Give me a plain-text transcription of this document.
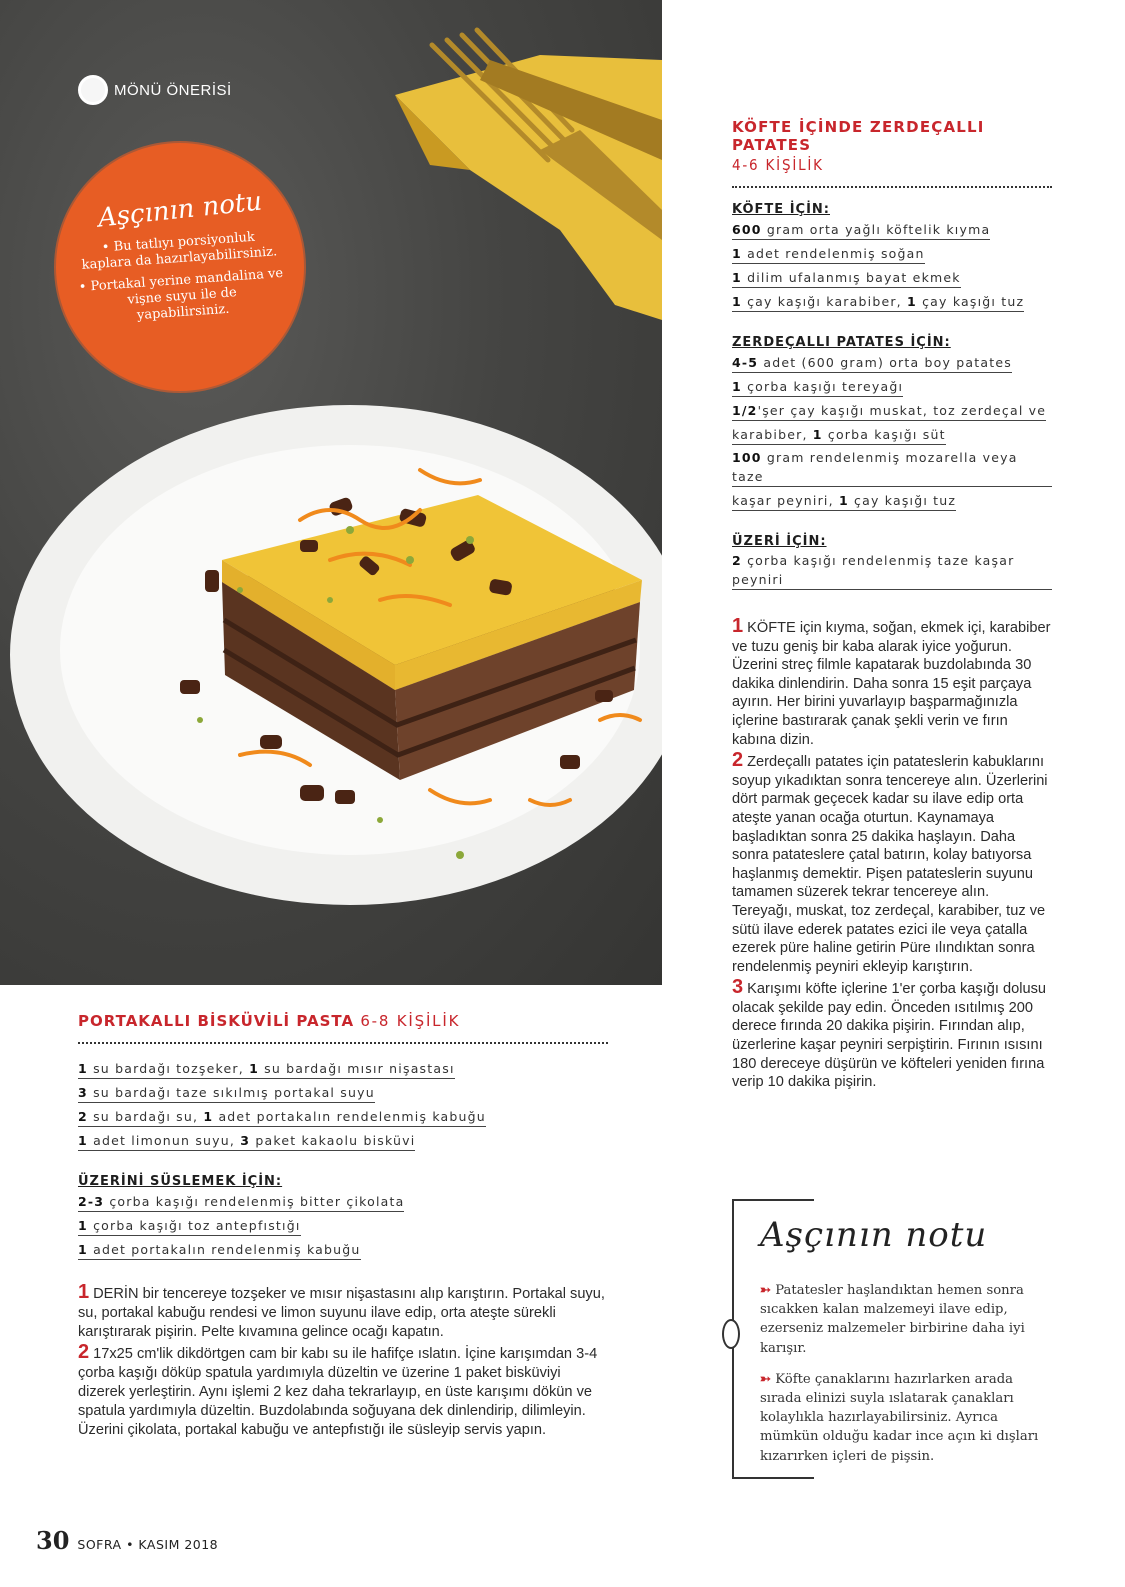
MÖNÜ ÖNERİSİ
Aşçının notu

• Bu tatlıyı porsiyonluk kaplara da hazırlayabilirsiniz.

• Portakal yerine mandalina ve vişne suyu ile de yapabilirsiniz.

KÖFTE İÇİNDE ZERDEÇALLI PATATES
4-6 KİŞİLİK
KÖFTE İÇİN:
600 gram orta yağlı köftelik kıyma
1 adet rendelenmiş soğan
1 dilim ufalanmış bayat ekmek
1 çay kaşığı karabiber, 1 çay kaşığı tuz
ZERDEÇALLI PATATES İÇİN:
4-5 adet (600 gram) orta boy patates
1 çorba kaşığı tereyağı
1/2'şer çay kaşığı muskat, toz zerdeçal ve
karabiber, 1 çorba kaşığı süt
100 gram rendelenmiş mozarella veya taze
kaşar peyniri, 1 çay kaşığı tuz
ÜZERİ İÇİN:
2 çorba kaşığı rendelenmiş taze kaşar peyniri

1 KÖFTE için kıyma, soğan, ekmek içi, karabiber ve tuzu geniş bir kaba alarak iyice yoğurun. Üzerini streç filmle kapatarak buzdolabında 30 dakika dinlendirin. Daha sonra 15 eşit parçaya ayırın. Her birini yuvarlayıp başparmağınızla içlerine bastırarak çanak şekli verin ve fırın kabına dizin.

2 Zerdeçallı patates için patateslerin kabuklarını soyup yıkadıktan sonra tencereye alın. Üzerlerini dört parmak geçecek kadar su ilave edip orta ateşte yanan ocağa oturtun. Kaynamaya başladıktan sonra 25 dakika haşlayın. Daha sonra patateslere çatal batırın, kolay batıyorsa haşlanmış demektir. Pişen patateslerin suyunu tamamen süzerek tekrar tencereye alın. Tereyağı, muskat, toz zerdeçal, karabiber, tuz ve sütü ilave ederek patates ezici ile veya çatalla ezerek püre haline getirin Püre ılındıktan sonra rendelenmiş peyniri ekleyip karıştırın.

3 Karışımı köfte içlerine 1'er çorba kaşığı dolusu olacak şekilde pay edin. Önceden ısıtılmış 200 derece fırında 20 dakika pişirin. Fırından alıp, üzerlerine kaşar peyniri serpiştirin. Fırının ısısını 180 dereceye düşürün ve köfteleri yeniden fırına verip 10 dakika pişirin.

Aşçının notu

➳ Patatesler haşlandıktan hemen sonra sıcakken kalan malzemeyi ilave edip, ezerseniz malzemeler birbirine daha iyi karışır.

➳ Köfte çanaklarını hazırlarken arada sırada elinizi suyla ıslatarak çanakları kolaylıkla hazırlayabilirsiniz. Ayrıca mümkün olduğu kadar ince açın ki dışları kızarırken içleri de pişsin.

PORTAKALLI BİSKÜVİLİ PASTA 6-8 KİŞİLİK
1 su bardağı tozşeker, 1 su bardağı mısır nişastası
3 su bardağı taze sıkılmış portakal suyu
2 su bardağı su, 1 adet portakalın rendelenmiş kabuğu
1 adet limonun suyu, 3 paket kakaolu bisküvi
ÜZERİNİ SÜSLEMEK İÇİN:
2-3 çorba kaşığı rendelenmiş bitter çikolata
1 çorba kaşığı toz antepfıstığı
1 adet portakalın rendelenmiş kabuğu

1 DERİN bir tencereye tozşeker ve mısır nişastasını alıp karıştırın. Portakal suyu, su, portakal kabuğu rendesi ve limon suyunu ilave edip, orta ateşte sürekli karıştırarak pişirin. Pelte kıvamına gelince ocağı kapatın.

2 17x25 cm'lik dikdörtgen cam bir kabı su ile hafifçe ıslatın. İçine karışımdan 3-4 çorba kaşığı döküp spatula yardımıyla düzeltin ve üzerine 1 paket bisküviyi dizerek yerleştirin. Aynı işlemi 2 kez daha tekrarlayıp, en üste karışımı dökün ve spatula yardımıyla düzeltin. Buzdolabında soğuyana dek dinlendirip, dilimleyin. Üzerini çikolata, portakal kabuğu ve antepfıstığı ile süsleyip servis yapın.

30 SOFRA • KASIM 2018
